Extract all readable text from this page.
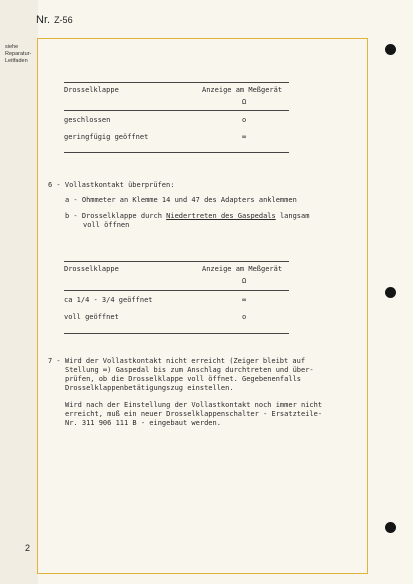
Nr. Z-56
siehe
Reparatur-
Leitfaden
Drosselklappe	Anzeige am Meßgerät
Ω
geschlossen	o
geringfügig geöffnet	∞
6 - Vollastkontakt überprüfen:
a - Ohmmeter an Klemme 14 und 47 des Adapters anklemmen
b - Drosselklappe durch Niedertreten des Gaspedals langsam
voll öffnen
Drosselklappe	Anzeige am Meßgerät
Ω
ca 1/4 - 3/4 geöffnet	∞
voll geöffnet	o
7 - Wird der Vollastkontakt nicht erreicht (Zeiger bleibt auf
Stellung ∞) Gaspedal bis zum Anschlag durchtreten und über-
prüfen, ob die Drosselklappe voll öffnet. Gegebenenfalls
Drosselklappenbetätigungszug einstellen.
Wird nach der Einstellung der Vollastkontakt noch immer nicht
erreicht, muß ein neuer Drosselklappenschalter - Ersatzteile-
Nr. 311 906 111 B - eingebaut werden.
2
